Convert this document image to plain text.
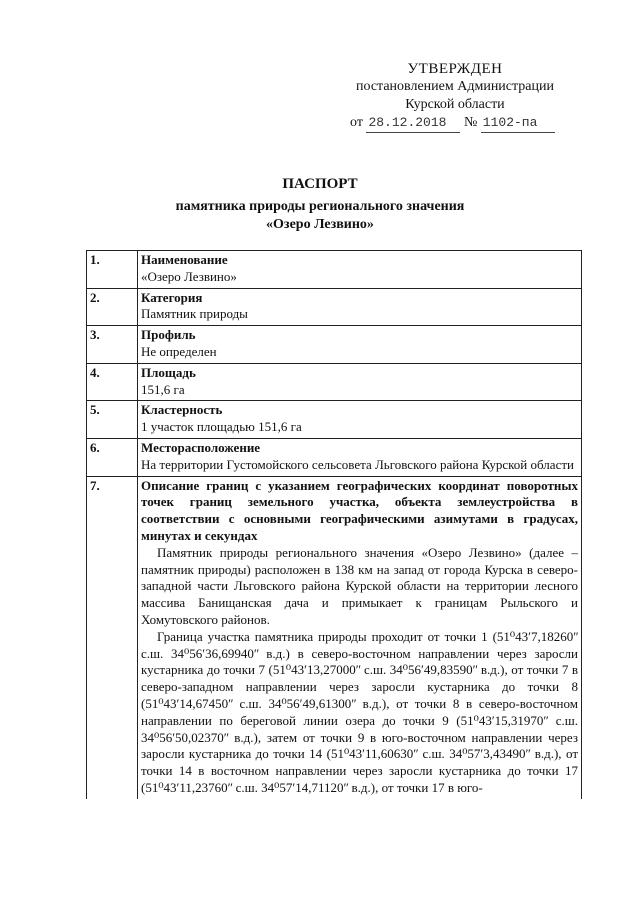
УТВЕРЖДЕН
постановлением Администрации
Курской области
от 28.12.2018 № 1102-па
ПАСПОРТ
памятника природы регионального значения
«Озеро Лезвино»
1.	Наименование
«Озеро Лезвино»

2.	Категория
Памятник природы

3.	Профиль
Не определен

4.	Площадь
151,6 га

5.	Кластерность
1 участок площадью 151,6 га

6.	Месторасположение
На территории Густомойского сельсовета Льговского района Курской области

7.	Описание границ с указанием географических координат поворотных точек границ земельного участка, объекта землеустройства в соответствии с основными географическими азимутами в градусах, минутах и секундах
Памятник природы регионального значения «Озеро Лезвино» (далее – памятник природы) расположен в 138 км на запад от города Курска в северо-западной части Льговского района Курской области на территории лесного массива Банищанская дача и примыкает к границам Рыльского и Хомутовского районов.
Граница участка памятника природы проходит от точки 1 (51⁰43ʹ7,18260ʺ с.ш. 34⁰56ʹ36,69940ʺ в.д.) в северо-восточном направлении через заросли кустарника до точки 7 (51⁰43ʹ13,27000ʺ с.ш. 34⁰56ʹ49,83590ʺ в.д.), от точки 7 в северо-западном направлении через заросли кустарника до точки 8 (51⁰43ʹ14,67450ʺ с.ш. 34⁰56ʹ49,61300ʺ в.д.), от точки 8 в северо-восточном направлении по береговой линии озера до точки 9 (51⁰43ʹ15,31970ʺ с.ш. 34⁰56ʹ50,02370ʺ в.д.), затем от точки 9 в юго-восточном направлении через заросли кустарника до точки 14 (51⁰43ʹ11,60630ʺ с.ш. 34⁰57ʹ3,43490ʺ в.д.), от точки 14 в восточном направлении через заросли кустарника до точки 17 (51⁰43ʹ11,23760ʺ с.ш. 34⁰57ʹ14,71120ʺ в.д.), от точки 17 в юго-
